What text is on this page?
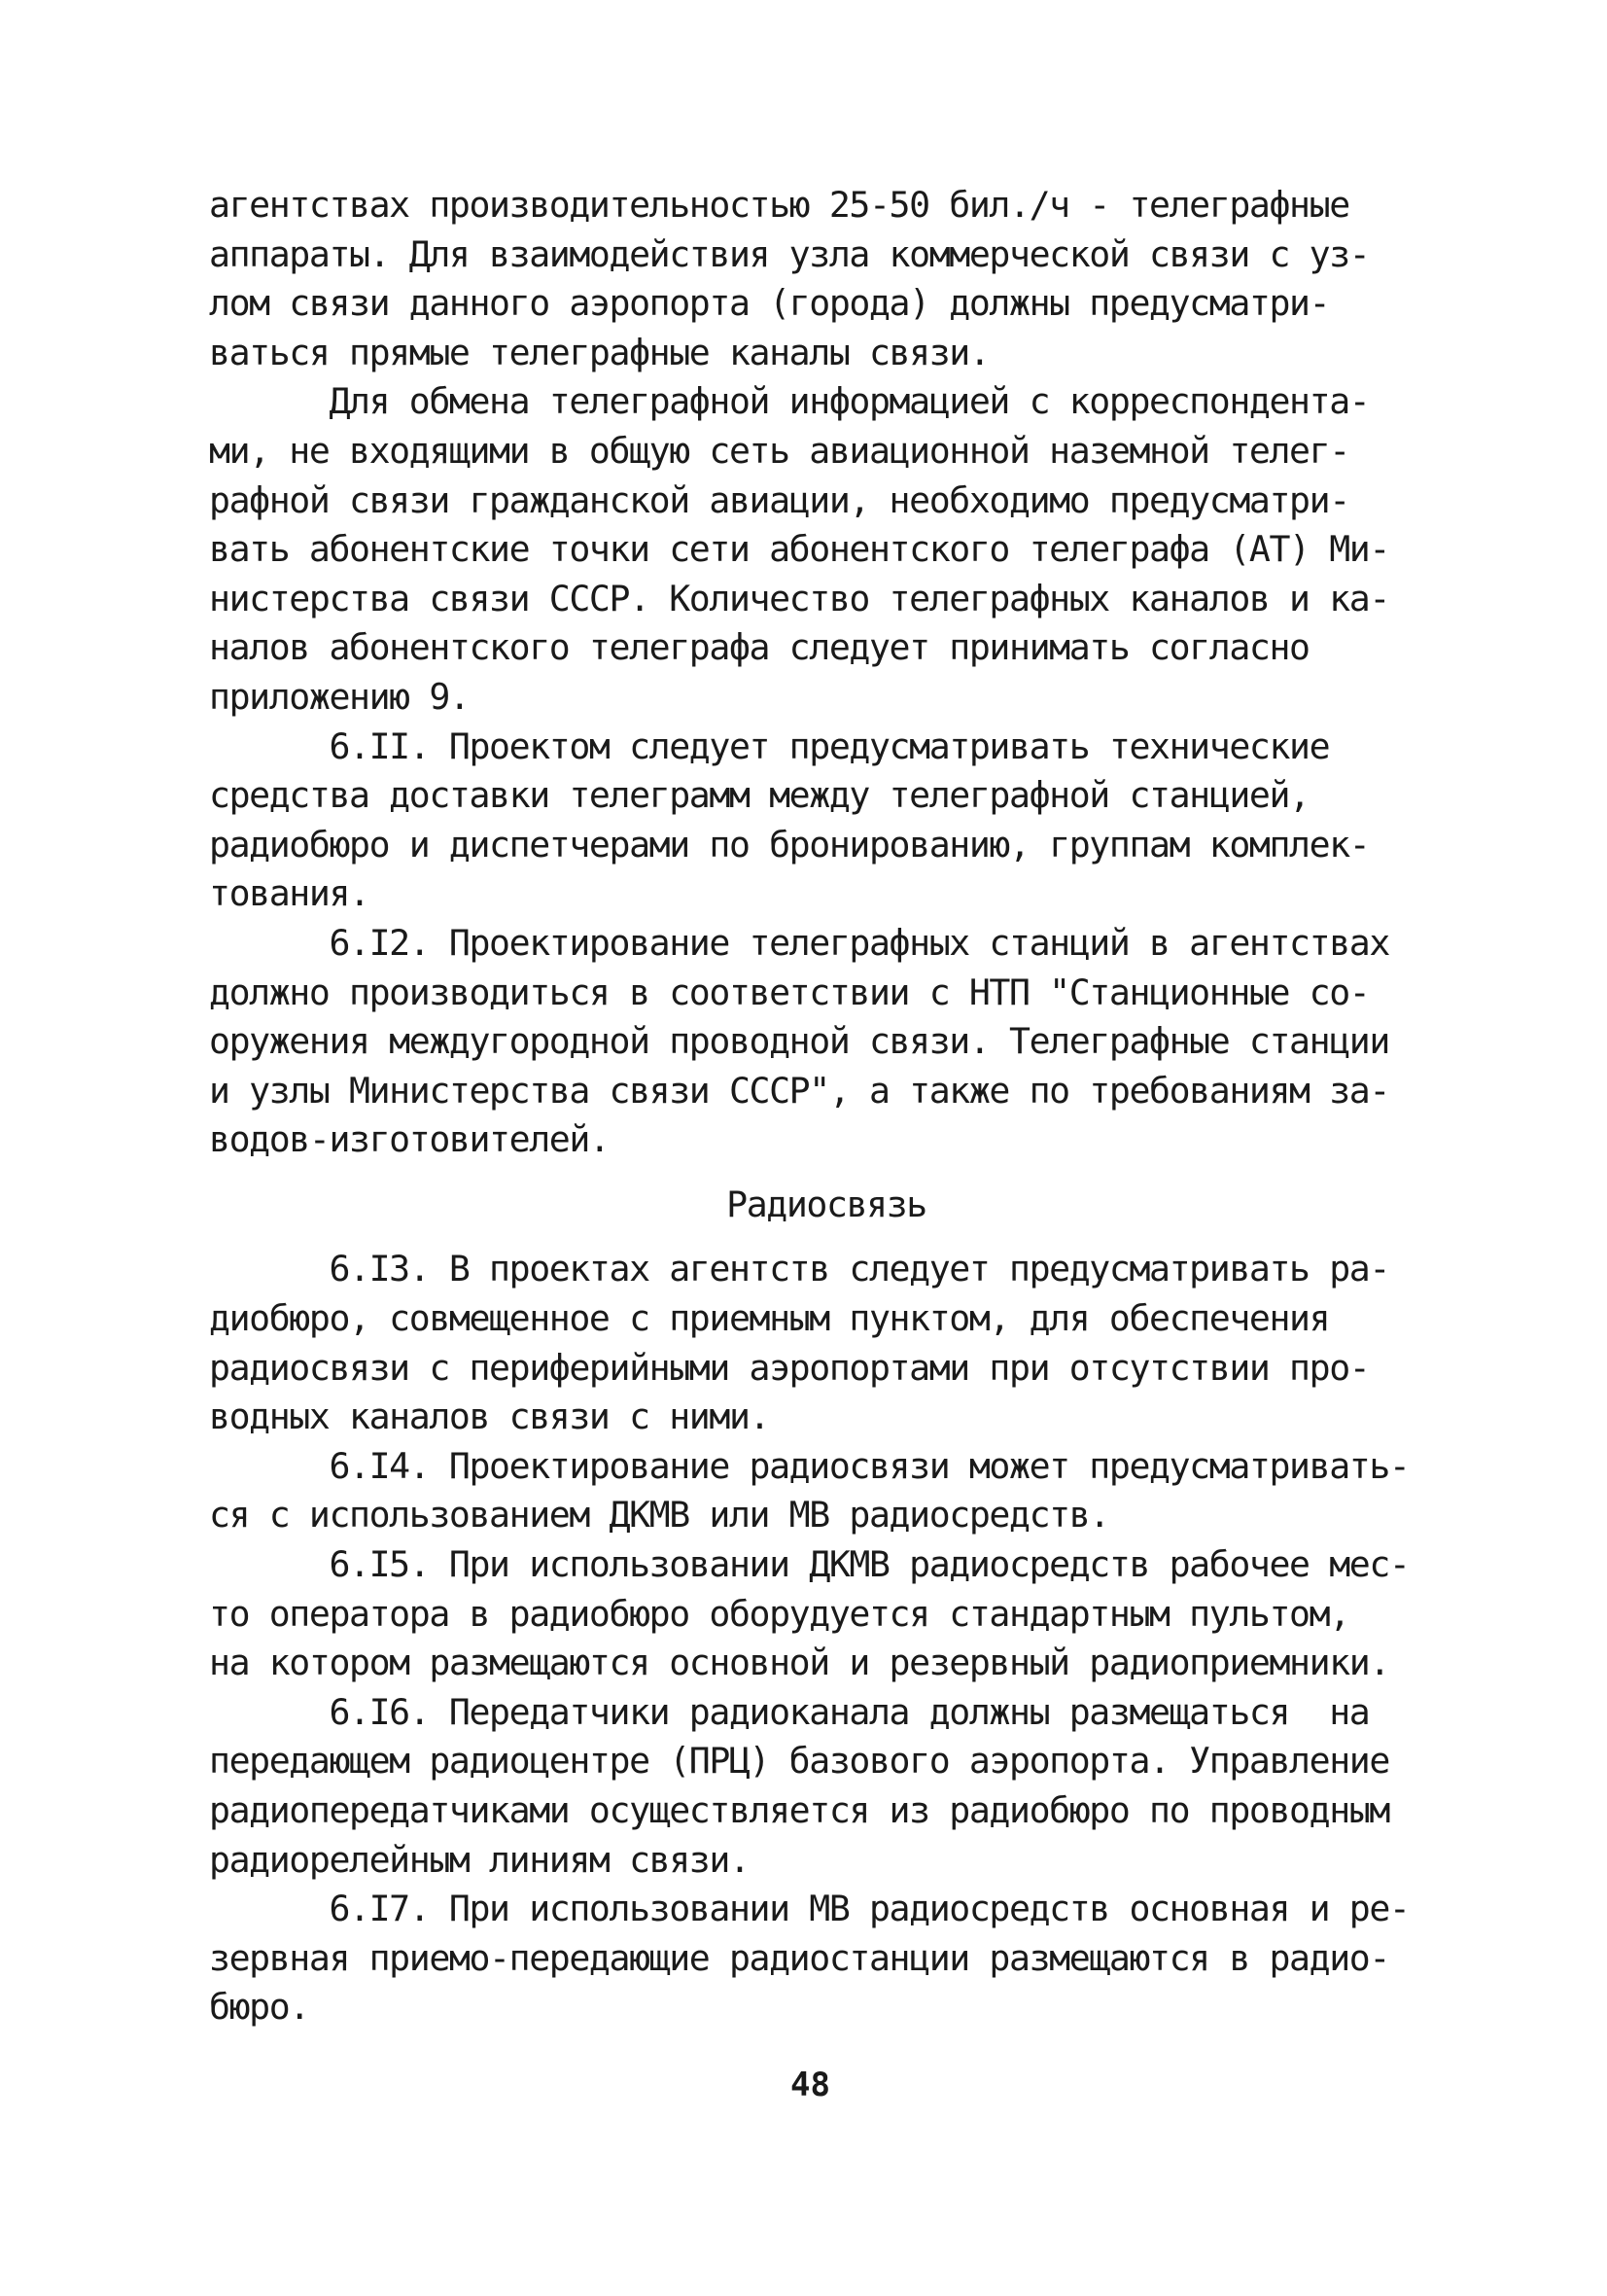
агентствах производительностью 25-50 бил./ч - телеграфные
аппараты. Для взаимодействия узла коммерческой связи с уз-
лом связи данного аэропорта (города) должны предусматри-
ваться прямые телеграфные каналы связи.
Для обмена телеграфной информацией с корреспондента-
ми, не входящими в общую сеть авиационной наземной телег-
рафной связи гражданской авиации, необходимо предусматри-
вать абонентские точки сети абонентского телеграфа (АТ) Ми-
нистерства связи СССР. Количество телеграфных каналов и ка-
налов абонентского телеграфа следует принимать согласно
приложению 9.
6.II. Проектом следует предусматривать технические
средства доставки телеграмм между телеграфной станцией,
радиобюро и диспетчерами по бронированию, группам комплек-
тования.
6.I2. Проектирование телеграфных станций в агентствах
должно производиться в соответствии с НТП "Станционные со-
оружения междугородной проводной связи. Телеграфные станции
и узлы Министерства связи СССР", а также по требованиям за-
водов-изготовителей.
Радиосвязь
6.I3. В проектах агентств следует предусматривать ра-
диобюро, совмещенное с приемным пунктом, для обеспечения
радиосвязи с периферийными аэропортами при отсутствии про-
водных каналов связи с ними.
6.I4. Проектирование радиосвязи может предусматривать-
ся с использованием ДКМВ или МВ радиосредств.
6.I5. При использовании ДКМВ радиосредств рабочее мес-
то оператора в радиобюро оборудуется стандартным пультом,
на котором размещаются основной и резервный радиоприемники.
6.I6. Передатчики радиоканала должны размещаться  на
передающем радиоцентре (ПРЦ) базового аэропорта. Управление
радиопередатчиками осуществляется из радиобюро по проводным
радиорелейным линиям связи.
6.I7. При использовании МВ радиосредств основная и ре-
зервная приемо-передающие радиостанции размещаются в радио-
бюро.
48
